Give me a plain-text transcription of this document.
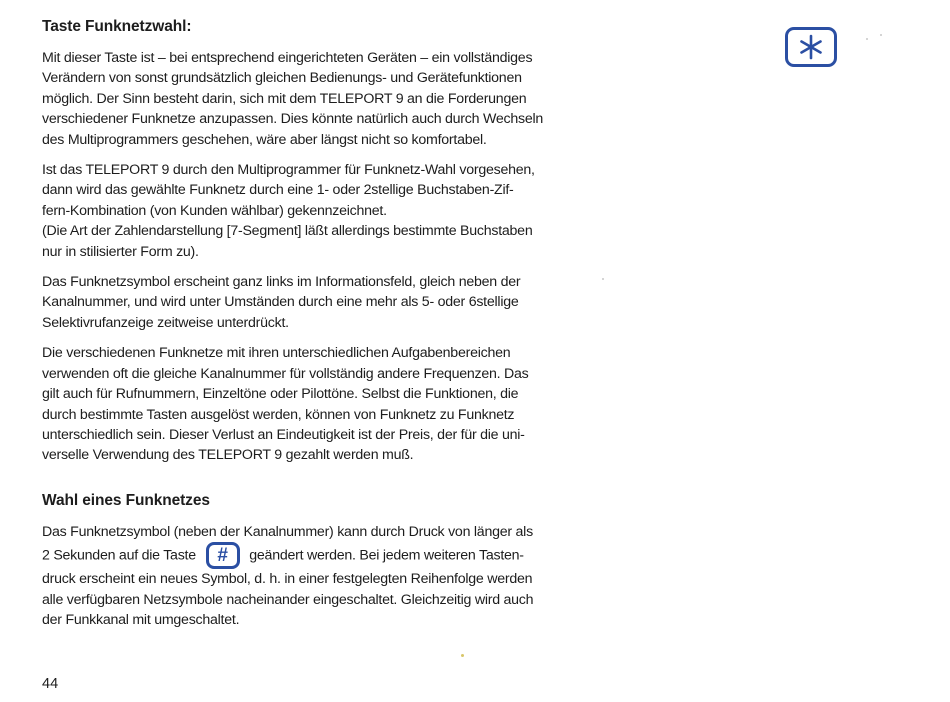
Taste Funknetzwahl:

Mit dieser Taste ist – bei entsprechend eingerichteten Geräten – ein vollständiges
Verändern von sonst grundsätzlich gleichen Bedienungs- und Gerätefunktionen
möglich. Der Sinn besteht darin, sich mit dem TELEPORT 9 an die Forderungen
verschiedener Funknetze anzupassen. Dies könnte natürlich auch durch Wechseln
des Multiprogrammers geschehen, wäre aber längst nicht so komfortabel.

Ist das TELEPORT 9 durch den Multiprogrammer für Funknetz-Wahl vorgesehen,
dann wird das gewählte Funknetz durch eine 1- oder 2stellige Buchstaben-Zif-
fern-Kombination (von Kunden wählbar) gekennzeichnet.
(Die Art der Zahlendarstellung [7-Segment] läßt allerdings bestimmte Buchstaben
nur in stilisierter Form zu).

Das Funknetzsymbol erscheint ganz links im Informationsfeld, gleich neben der
Kanalnummer, und wird unter Umständen durch eine mehr als 5- oder 6stellige
Selektivrufanzeige zeitweise unterdrückt.

Die verschiedenen Funknetze mit ihren unterschiedlichen Aufgabenbereichen
verwenden oft die gleiche Kanalnummer für vollständig andere Frequenzen. Das
gilt auch für Rufnummern, Einzeltöne oder Pilottöne. Selbst die Funktionen, die
durch bestimmte Tasten ausgelöst werden, können von Funknetz zu Funknetz
unterschiedlich sein. Dieser Verlust an Eindeutigkeit ist der Preis, der für die uni-
verselle Verwendung des TELEPORT 9 gezahlt werden muß.

Wahl eines Funknetzes

Das Funknetzsymbol (neben der Kanalnummer) kann durch Druck von länger als
2 Sekunden auf die Taste # geändert werden. Bei jedem weiteren Tasten-
druck erscheint ein neues Symbol, d. h. in einer festgelegten Reihenfolge werden
alle verfügbaren Netzsymbole nacheinander eingeschaltet. Gleichzeitig wird auch
der Funkkanal mit umgeschaltet.

44
